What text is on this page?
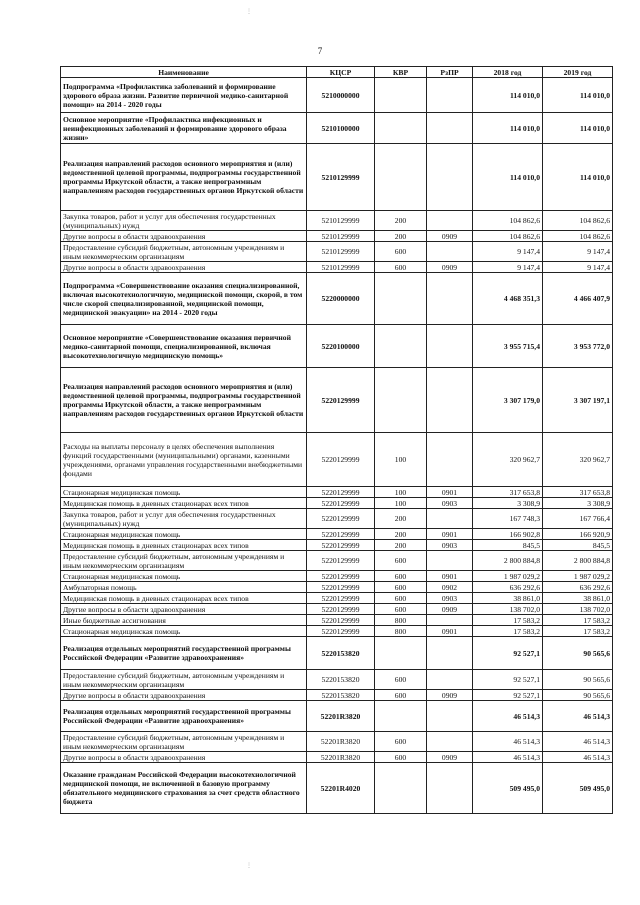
7
Наименование	КЦСР	КВР	РзПР	2018 год	2019 год
Подпрограмма «Профилактика заболеваний и формирование здорового образа жизни. Развитие первичной медико-санитарной помощи» на 2014 - 2020 годы	5210000000			114 010,0	114 010,0
Основное мероприятие «Профилактика инфекционных и неинфекционных заболеваний и формирование здорового образа жизни»	5210100000			114 010,0	114 010,0
Реализация направлений расходов основного мероприятия и (или) ведомственной целевой программы, подпрограммы государственной программы Иркутской области, а также непрограммным направлениям расходов государственных органов Иркутской области	5210129999			114 010,0	114 010,0
Закупка товаров, работ и услуг для обеспечения государственных (муниципальных) нужд	5210129999	200		104 862,6	104 862,6
Другие вопросы в области здравоохранения	5210129999	200	0909	104 862,6	104 862,6
Предоставление субсидий бюджетным, автономным учреждениям и иным некоммерческим организациям	5210129999	600		9 147,4	9 147,4
Другие вопросы в области здравоохранения	5210129999	600	0909	9 147,4	9 147,4
Подпрограмма «Совершенствование оказания специализированной, включая высокотехнологичную, медицинской помощи, скорой, в том числе скорой специализированной, медицинской помощи, медицинской эвакуации» на 2014 - 2020 годы	5220000000			4 468 351,3	4 466 407,9
Основное мероприятие «Совершенствование оказания первичной медико-санитарной помощи, специализированной, включая высокотехнологичную медицинскую помощь»	5220100000			3 955 715,4	3 953 772,0
Реализация направлений расходов основного мероприятия и (или) ведомственной целевой программы, подпрограммы государственной программы Иркутской области, а также непрограммным направлениям расходов государственных органов Иркутской области	5220129999			3 307 179,0	3 307 197,1
Расходы на выплаты персоналу в целях обеспечения выполнения функций государственными (муниципальными) органами, казенными учреждениями, органами управления государственными внебюджетными фондами	5220129999	100		320 962,7	320 962,7
Стационарная медицинская помощь	5220129999	100	0901	317 653,8	317 653,8
Медицинская помощь в дневных стационарах всех типов	5220129999	100	0903	3 308,9	3 308,9
Закупка товаров, работ и услуг для обеспечения государственных (муниципальных) нужд	5220129999	200		167 748,3	167 766,4
Стационарная медицинская помощь	5220129999	200	0901	166 902,8	166 920,9
Медицинская помощь в дневных стационарах всех типов	5220129999	200	0903	845,5	845,5
Предоставление субсидий бюджетным, автономным учреждениям и иным некоммерческим организациям	5220129999	600		2 800 884,8	2 800 884,8
Стационарная медицинская помощь	5220129999	600	0901	1 987 029,2	1 987 029,2
Амбулаторная помощь	5220129999	600	0902	636 292,6	636 292,6
Медицинская помощь в дневных стационарах всех типов	5220129999	600	0903	38 861,0	38 861,0
Другие вопросы в области здравоохранения	5220129999	600	0909	138 702,0	138 702,0
Иные бюджетные ассигнования	5220129999	800		17 583,2	17 583,2
Стационарная медицинская помощь	5220129999	800	0901	17 583,2	17 583,2
Реализация отдельных мероприятий государственной программы Российской Федерации «Развитие здравоохранения»	5220153820			92 527,1	90 565,6
Предоставление субсидий бюджетным, автономным учреждениям и иным некоммерческим организациям	5220153820	600		92 527,1	90 565,6
Другие вопросы в области здравоохранения	5220153820	600	0909	92 527,1	90 565,6
Реализация отдельных мероприятий государственной программы Российской Федерации «Развитие здравоохранения»	52201R3820			46 514,3	46 514,3
Предоставление субсидий бюджетным, автономным учреждениям и иным некоммерческим организациям	52201R3820	600		46 514,3	46 514,3
Другие вопросы в области здравоохранения	52201R3820	600	0909	46 514,3	46 514,3
Оказание гражданам Российской Федерации высокотехнологичной медицинской помощи, не включенной в базовую программу обязательного медицинского страхования за счет средств областного бюджета	52201R4020			509 495,0	509 495,0
⋮
⋮
